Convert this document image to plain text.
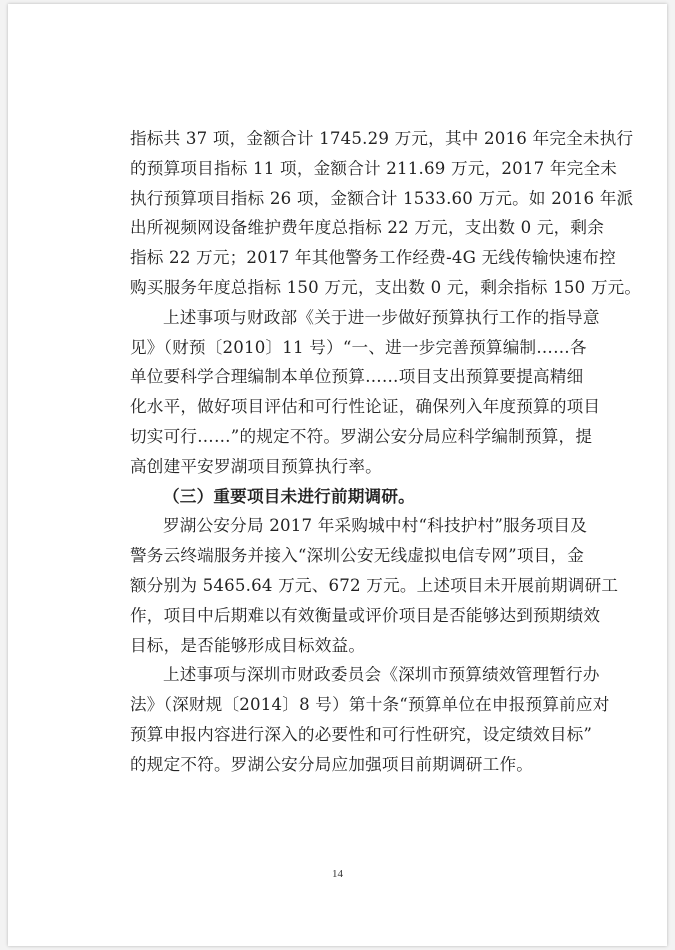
指标共 37 项，金额合计 1745.29 万元，其中 2016 年完全未执行
的预算项目指标 11 项，金额合计 211.69 万元，2017 年完全未
执行预算项目指标 26 项，金额合计 1533.60 万元。如 2016 年派
出所视频网设备维护费年度总指标 22 万元，支出数 0 元，剩余
指标 22 万元；2017 年其他警务工作经费-4G 无线传输快速布控
购买服务年度总指标 150 万元，支出数 0 元，剩余指标 150 万元。
上述事项与财政部《关于进一步做好预算执行工作的指导意
见》（财预〔2010〕11 号）“一、进一步完善预算编制……各
单位要科学合理编制本单位预算……项目支出预算要提高精细
化水平，做好项目评估和可行性论证，确保列入年度预算的项目
切实可行……”的规定不符。罗湖公安分局应科学编制预算，提
高创建平安罗湖项目预算执行率。
（三）重要项目未进行前期调研。
罗湖公安分局 2017 年采购城中村“科技护村”服务项目及
警务云终端服务并接入“深圳公安无线虚拟电信专网”项目，金
额分别为 5465.64 万元、672 万元。上述项目未开展前期调研工
作，项目中后期难以有效衡量或评价项目是否能够达到预期绩效
目标，是否能够形成目标效益。
上述事项与深圳市财政委员会《深圳市预算绩效管理暂行办
法》（深财规〔2014〕8 号）第十条“预算单位在申报预算前应对
预算申报内容进行深入的必要性和可行性研究，设定绩效目标”
的规定不符。罗湖公安分局应加强项目前期调研工作。
14
